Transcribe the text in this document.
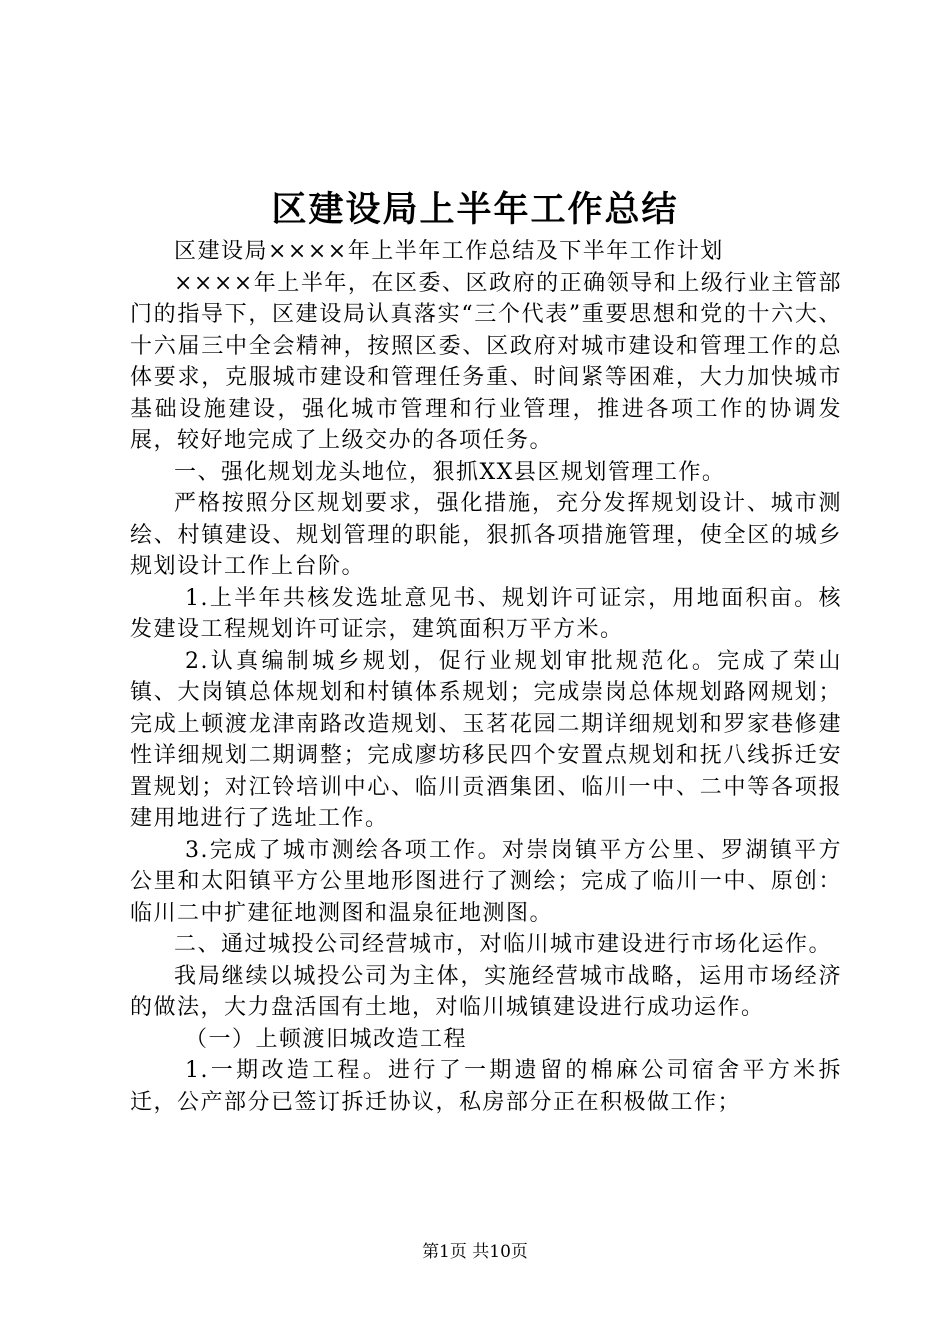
区建设局上半年工作总结

区建设局××××年上半年工作总结及下半年工作计划

××××年上半年，在区委、区政府的正确领导和上级行业主管部门的指导下，区建设局认真落实“三个代表”重要思想和党的十六大、十六届三中全会精神，按照区委、区政府对城市建设和管理工作的总体要求，克服城市建设和管理任务重、时间紧等困难，大力加快城市基础设施建设，强化城市管理和行业管理，推进各项工作的协调发展，较好地完成了上级交办的各项任务。

一、强化规划龙头地位，狠抓XX县区规划管理工作。

严格按照分区规划要求，强化措施，充分发挥规划设计、城市测绘、村镇建设、规划管理的职能，狠抓各项措施管理，使全区的城乡规划设计工作上台阶。

1.上半年共核发选址意见书、规划许可证宗，用地面积亩。核发建设工程规划许可证宗，建筑面积万平方米。

2.认真编制城乡规划，促行业规划审批规范化。完成了荣山镇、大岗镇总体规划和村镇体系规划；完成崇岗总体规划路网规划；完成上顿渡龙津南路改造规划、玉茗花园二期详细规划和罗家巷修建性详细规划二期调整；完成廖坊移民四个安置点规划和抚八线拆迁安置规划；对江铃培训中心、临川贡酒集团、临川一中、二中等各项报建用地进行了选址工作。

3.完成了城市测绘各项工作。对崇岗镇平方公里、罗湖镇平方公里和太阳镇平方公里地形图进行了测绘；完成了临川一中、原创：临川二中扩建征地测图和温泉征地测图。

二、通过城投公司经营城市，对临川城市建设进行市场化运作。

我局继续以城投公司为主体，实施经营城市战略，运用市场经济的做法，大力盘活国有土地，对临川城镇建设进行成功运作。

（一）上顿渡旧城改造工程

1.一期改造工程。进行了一期遗留的棉麻公司宿舍平方米拆迁，公产部分已签订拆迁协议，私房部分正在积极做工作；

第1页 共10页
